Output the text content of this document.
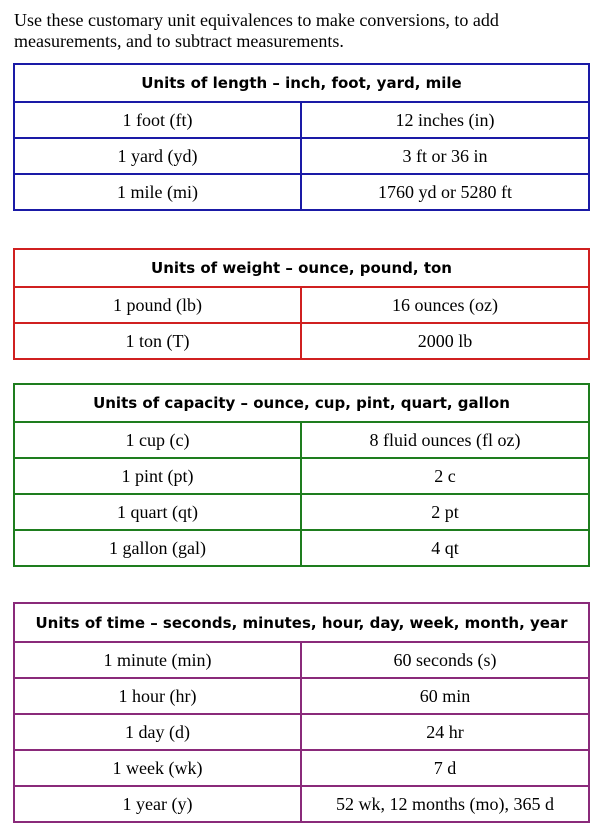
Use these customary unit equivalences to make conversions, to add measurements, and to subtract measurements.
Units of length – inch, foot, yard, mile	
1 foot (ft)	12 inches (in)
1 yard (yd)	3 ft or 36 in
1 mile (mi)	1760 yd or 5280 ft
Units of weight – ounce, pound, ton	
1 pound (lb)	16 ounces (oz)
1 ton (T)	2000 lb
Units of capacity – ounce, cup, pint, quart, gallon	
1 cup (c)	8 fluid ounces (fl oz)
1 pint (pt)	2 c
1 quart (qt)	2 pt
1 gallon (gal)	4 qt
Units of time – seconds, minutes, hour, day, week, month, year	
1 minute (min)	60 seconds (s)
1 hour (hr)	60 min
1 day (d)	24 hr
1 week (wk)	7 d
1 year (y)	52 wk, 12 months (mo), 365 d
